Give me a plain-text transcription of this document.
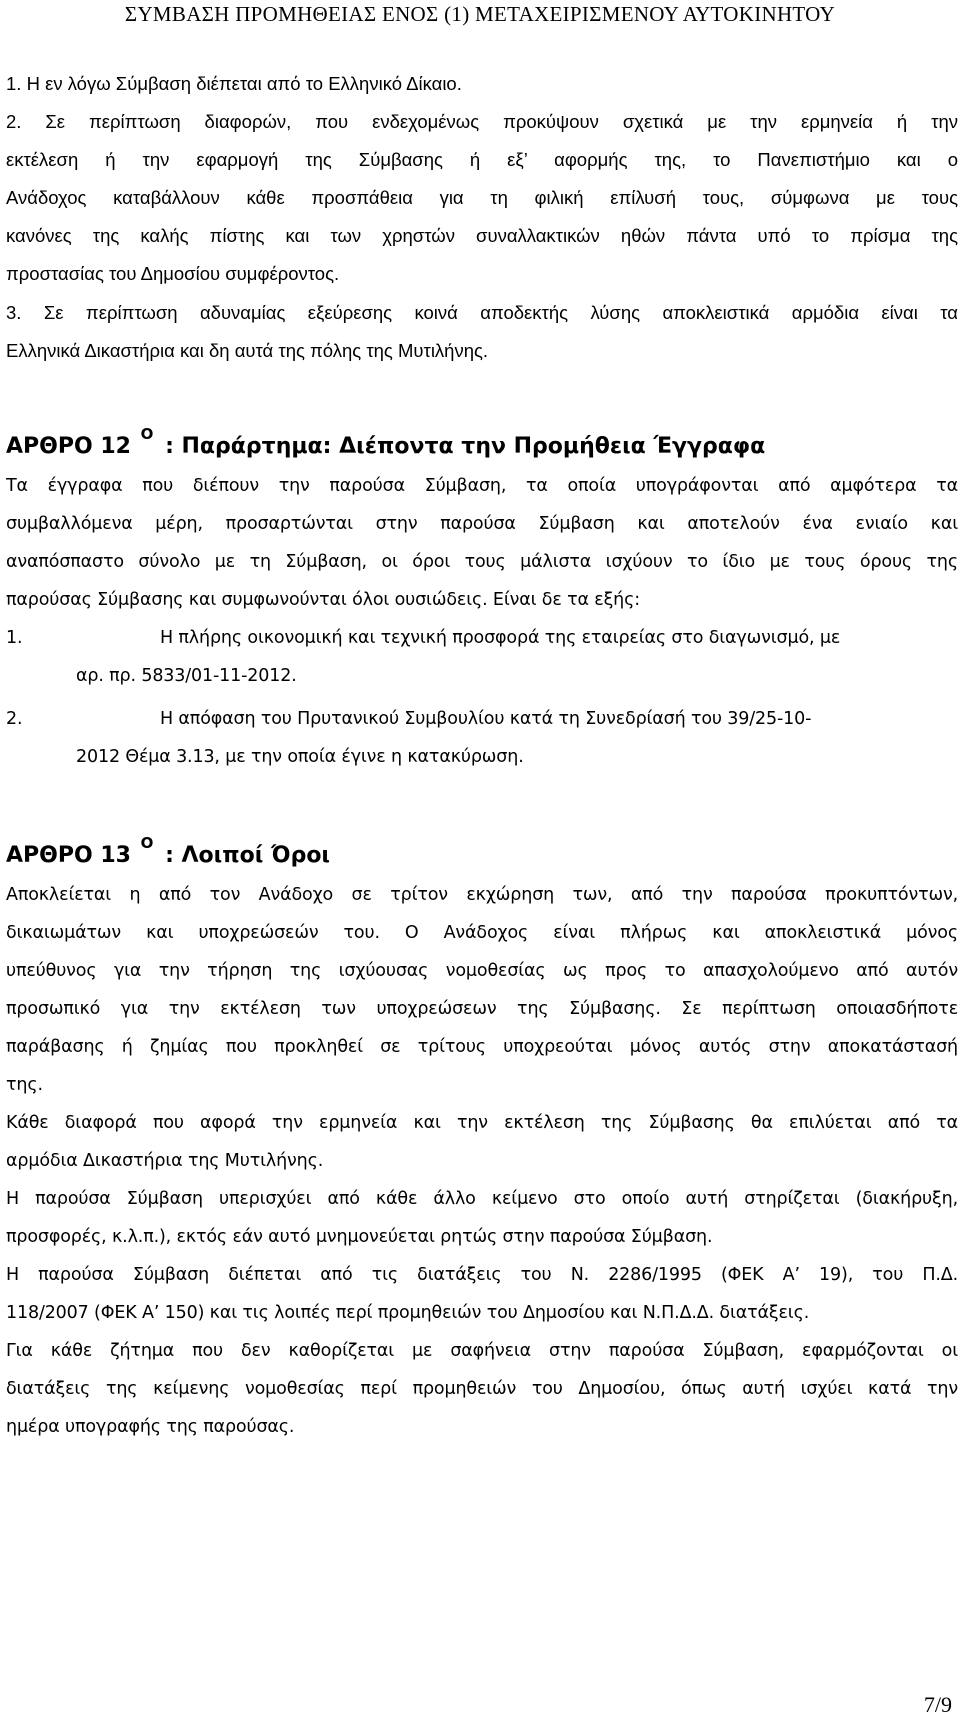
ΣΥΜΒΑΣΗ ΠΡΟΜΗΘΕΙΑΣ ΕΝΟΣ (1) ΜΕΤΑΧΕΙΡΙΣΜΕΝΟΥ ΑΥΤΟΚΙΝΗΤΟΥ
1. Η εν λόγω Σύμβαση διέπεται από το Ελληνικό Δίκαιο.
2. Σε περίπτωση διαφορών, που ενδεχομένως προκύψουν σχετικά με την ερμηνεία ή την
εκτέλεση ή την εφαρμογή της Σύμβασης ή εξ’ αφορμής της, το Πανεπιστήμιο και ο
Ανάδοχος καταβάλλουν κάθε προσπάθεια για τη φιλική επίλυσή τους, σύμφωνα με τους
κανόνες της καλής πίστης και των χρηστών συναλλακτικών ηθών πάντα υπό το πρίσμα της
προστασίας του Δημοσίου συμφέροντος.
3. Σε περίπτωση αδυναμίας εξεύρεσης κοινά αποδεκτής λύσης αποκλειστικά αρμόδια είναι τα
Ελληνικά Δικαστήρια και δη αυτά της πόλης της Μυτιλήνης.
ΑΡΘΡΟ 12 $^O$ : Παράρτημα: Διέποντα την Προμήθεια Έγγραφα
Τα έγγραφα που διέπουν την παρούσα Σύμβαση, τα οποία υπογράφονται από αμφότερα τα
συμβαλλόμενα μέρη, προσαρτώνται στην παρούσα Σύμβαση και αποτελούν ένα ενιαίο και
αναπόσπαστο σύνολο με τη Σύμβαση, οι όροι τους μάλιστα ισχύουν το ίδιο με τους όρους της
παρούσας Σύμβασης και συμφωνούνται όλοι ουσιώδεις. Είναι δε τα εξής:
1.	Η πλήρης οικονομική και τεχνική προσφορά της εταιρείας στο διαγωνισμό, με
αρ. πρ. 5833/01-11-2012.
2.	Η απόφαση του Πρυτανικού Συμβουλίου κατά τη Συνεδρίασή του 39/25-10-
2012 Θέμα 3.13, με την οποία έγινε η κατακύρωση.
ΑΡΘΡΟ 13 $^O$ : Λοιποί Όροι
Αποκλείεται η από τον Ανάδοχο σε τρίτον εκχώρηση των, από την παρούσα προκυπτόντων,
δικαιωμάτων και υποχρεώσεών του. Ο Ανάδοχος είναι πλήρως και αποκλειστικά μόνος
υπεύθυνος για την τήρηση της ισχύουσας νομοθεσίας ως προς το απασχολούμενο από αυτόν
προσωπικό για την εκτέλεση των υποχρεώσεων της Σύμβασης. Σε περίπτωση οποιασδήποτε
παράβασης ή ζημίας που προκληθεί σε τρίτους υποχρεούται μόνος αυτός στην αποκατάστασή
της.
Κάθε διαφορά που αφορά την ερμηνεία και την εκτέλεση της Σύμβασης θα επιλύεται από τα
αρμόδια Δικαστήρια της Μυτιλήνης.
Η παρούσα Σύμβαση υπερισχύει από κάθε άλλο κείμενο στο οποίο αυτή στηρίζεται (διακήρυξη,
προσφορές, κ.λ.π.), εκτός εάν αυτό μνημονεύεται ρητώς στην παρούσα Σύμβαση.
Η παρούσα Σύμβαση διέπεται από τις διατάξεις του Ν. 2286/1995 (ΦΕΚ Α’ 19), του Π.Δ.
118/2007 (ΦΕΚ Α’ 150) και τις λοιπές περί προμηθειών του Δημοσίου και Ν.Π.Δ.Δ. διατάξεις.
Για κάθε ζήτημα που δεν καθορίζεται με σαφήνεια στην παρούσα Σύμβαση, εφαρμόζονται οι
διατάξεις της κείμενης νομοθεσίας περί προμηθειών του Δημοσίου, όπως αυτή ισχύει κατά την
ημέρα υπογραφής της παρούσας.
7/9
